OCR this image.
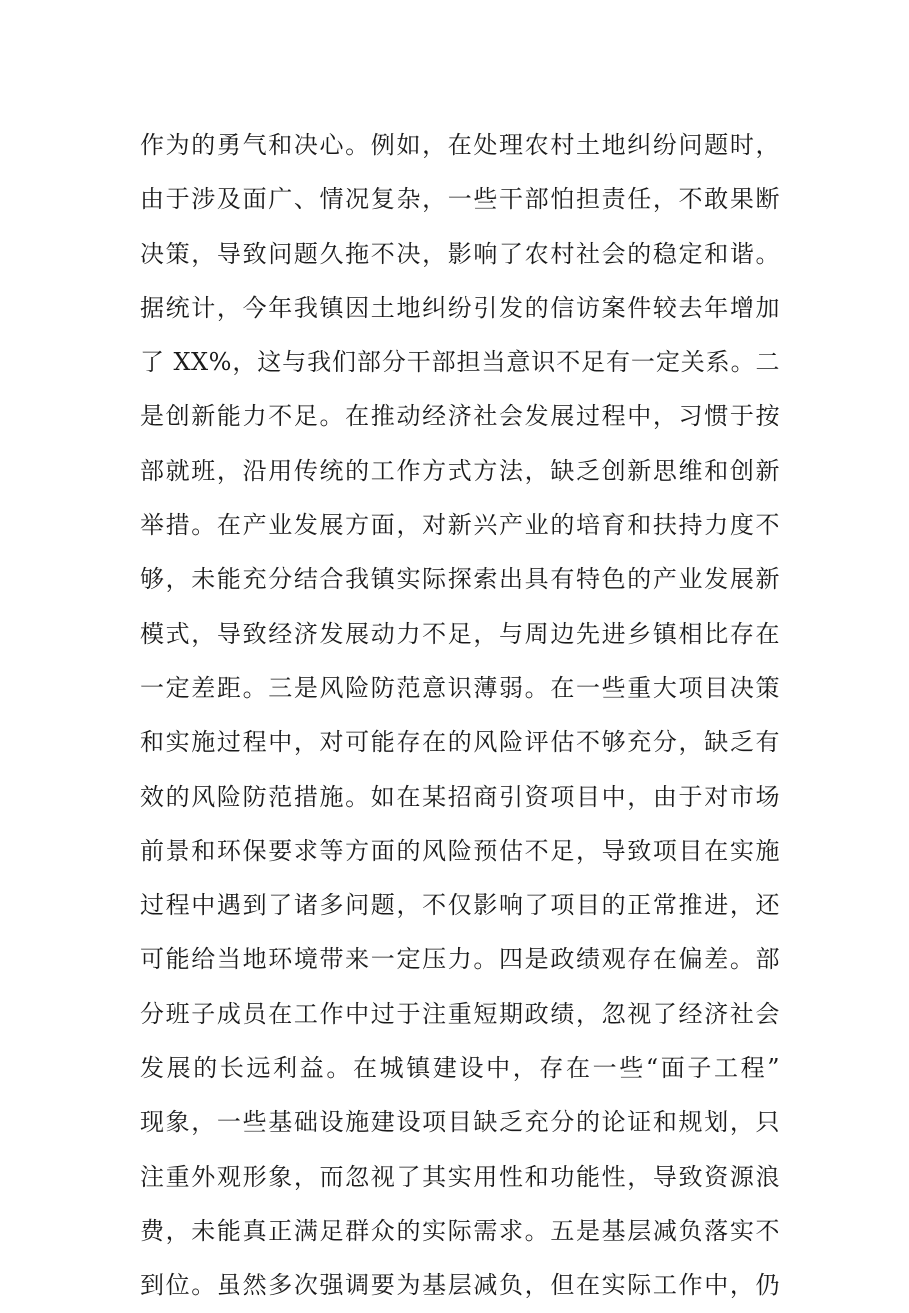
作为的勇气和决心。例如，在处理农村土地纠纷问题时，
由于涉及面广、情况复杂，一些干部怕担责任，不敢果断
决策，导致问题久拖不决，影响了农村社会的稳定和谐。
据统计，今年我镇因土地纠纷引发的信访案件较去年增加
了 XX%，这与我们部分干部担当意识不足有一定关系。二
是创新能力不足。在推动经济社会发展过程中，习惯于按
部就班，沿用传统的工作方式方法，缺乏创新思维和创新
举措。在产业发展方面，对新兴产业的培育和扶持力度不
够，未能充分结合我镇实际探索出具有特色的产业发展新
模式，导致经济发展动力不足，与周边先进乡镇相比存在
一定差距。三是风险防范意识薄弱。在一些重大项目决策
和实施过程中，对可能存在的风险评估不够充分，缺乏有
效的风险防范措施。如在某招商引资项目中，由于对市场
前景和环保要求等方面的风险预估不足，导致项目在实施
过程中遇到了诸多问题，不仅影响了项目的正常推进，还
可能给当地环境带来一定压力。四是政绩观存在偏差。部
分班子成员在工作中过于注重短期政绩，忽视了经济社会
发展的长远利益。在城镇建设中，存在一些“面子工程”
现象，一些基础设施建设项目缺乏充分的论证和规划，只
注重外观形象，而忽视了其实用性和功能性，导致资源浪
费，未能真正满足群众的实际需求。五是基层减负落实不
到位。虽然多次强调要为基层减负，但在实际工作中，仍
